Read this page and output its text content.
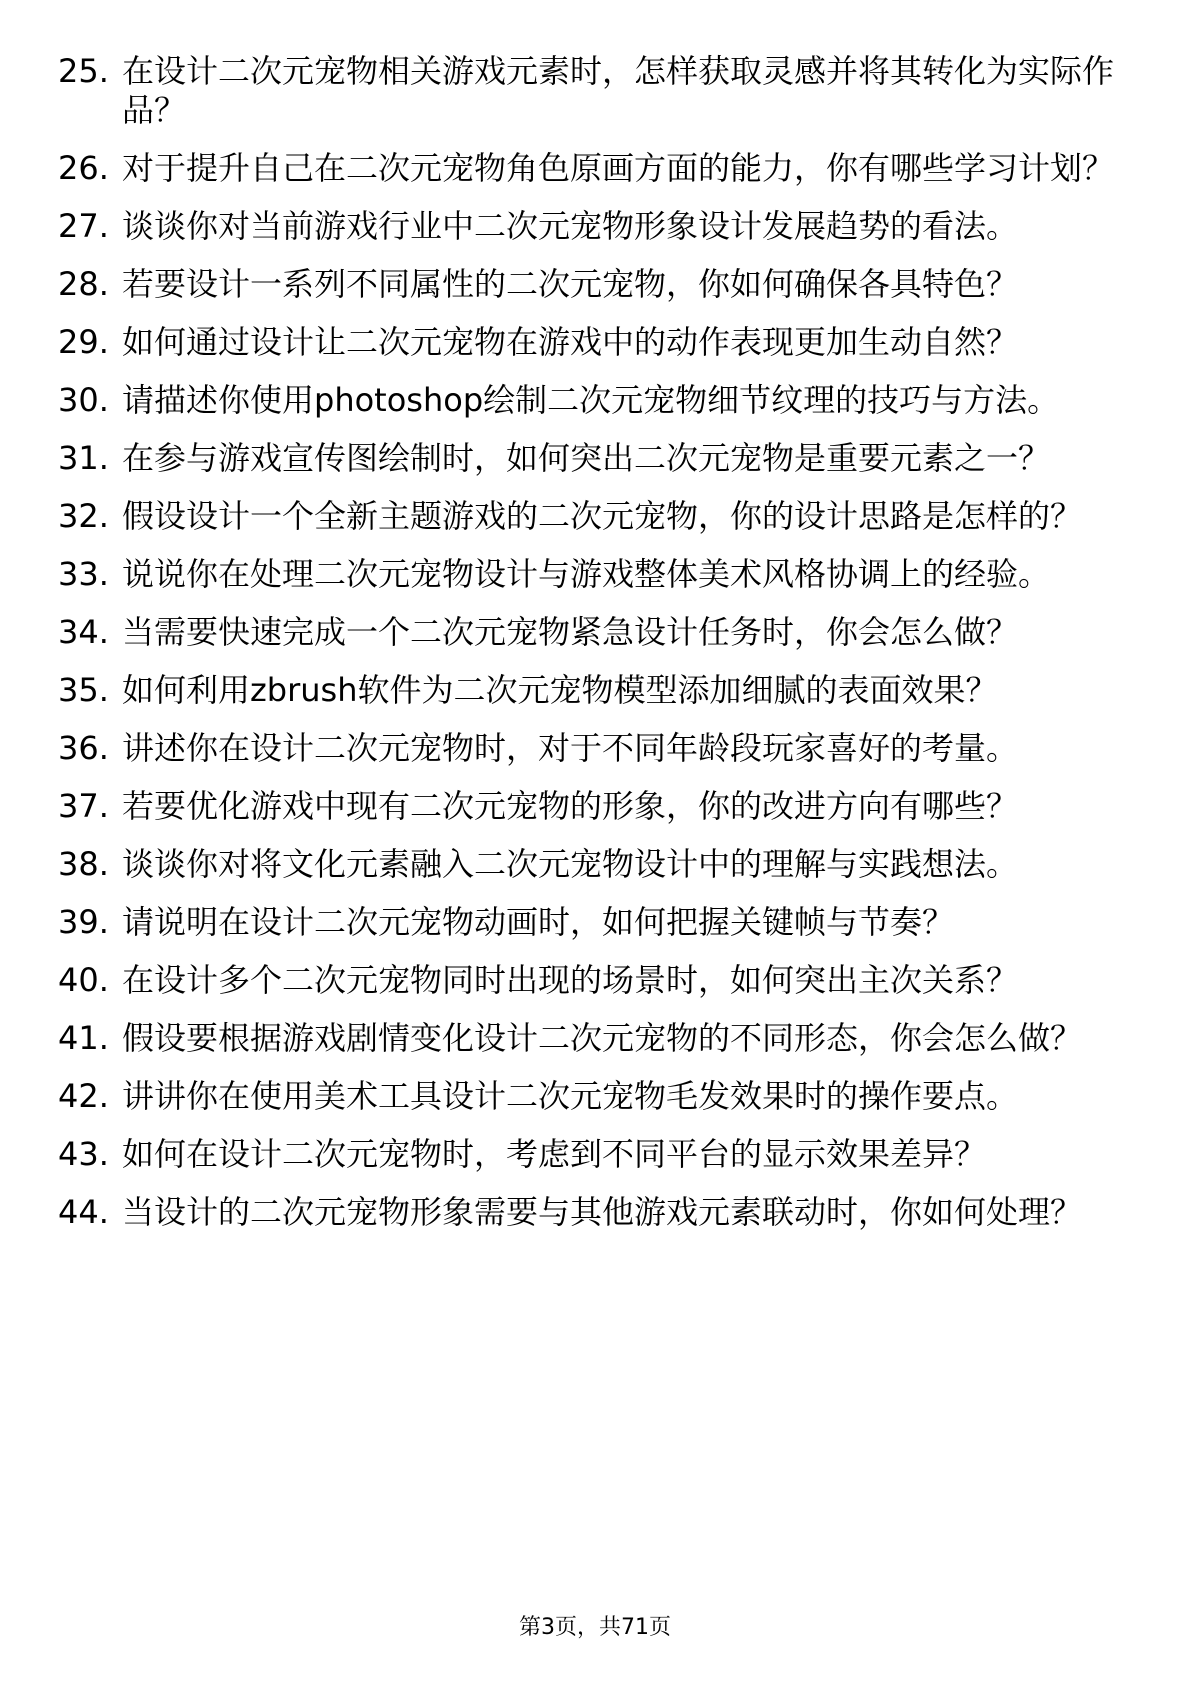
25. 在设计二次元宠物相关游戏元素时，怎样获取灵感并将其转化为实际作品？
26. 对于提升自己在二次元宠物角色原画方面的能力，你有哪些学习计划？
27. 谈谈你对当前游戏行业中二次元宠物形象设计发展趋势的看法。
28. 若要设计一系列不同属性的二次元宠物，你如何确保各具特色？
29. 如何通过设计让二次元宠物在游戏中的动作表现更加生动自然？
30. 请描述你使用photoshop绘制二次元宠物细节纹理的技巧与方法。
31. 在参与游戏宣传图绘制时，如何突出二次元宠物是重要元素之一？
32. 假设设计一个全新主题游戏的二次元宠物，你的设计思路是怎样的？
33. 说说你在处理二次元宠物设计与游戏整体美术风格协调上的经验。
34. 当需要快速完成一个二次元宠物紧急设计任务时，你会怎么做？
35. 如何利用zbrush软件为二次元宠物模型添加细腻的表面效果？
36. 讲述你在设计二次元宠物时，对于不同年龄段玩家喜好的考量。
37. 若要优化游戏中现有二次元宠物的形象，你的改进方向有哪些？
38. 谈谈你对将文化元素融入二次元宠物设计中的理解与实践想法。
39. 请说明在设计二次元宠物动画时，如何把握关键帧与节奏？
40. 在设计多个二次元宠物同时出现的场景时，如何突出主次关系？
41. 假设要根据游戏剧情变化设计二次元宠物的不同形态，你会怎么做？
42. 讲讲你在使用美术工具设计二次元宠物毛发效果时的操作要点。
43. 如何在设计二次元宠物时，考虑到不同平台的显示效果差异？
44. 当设计的二次元宠物形象需要与其他游戏元素联动时，你如何处理？
第3页，共71页
